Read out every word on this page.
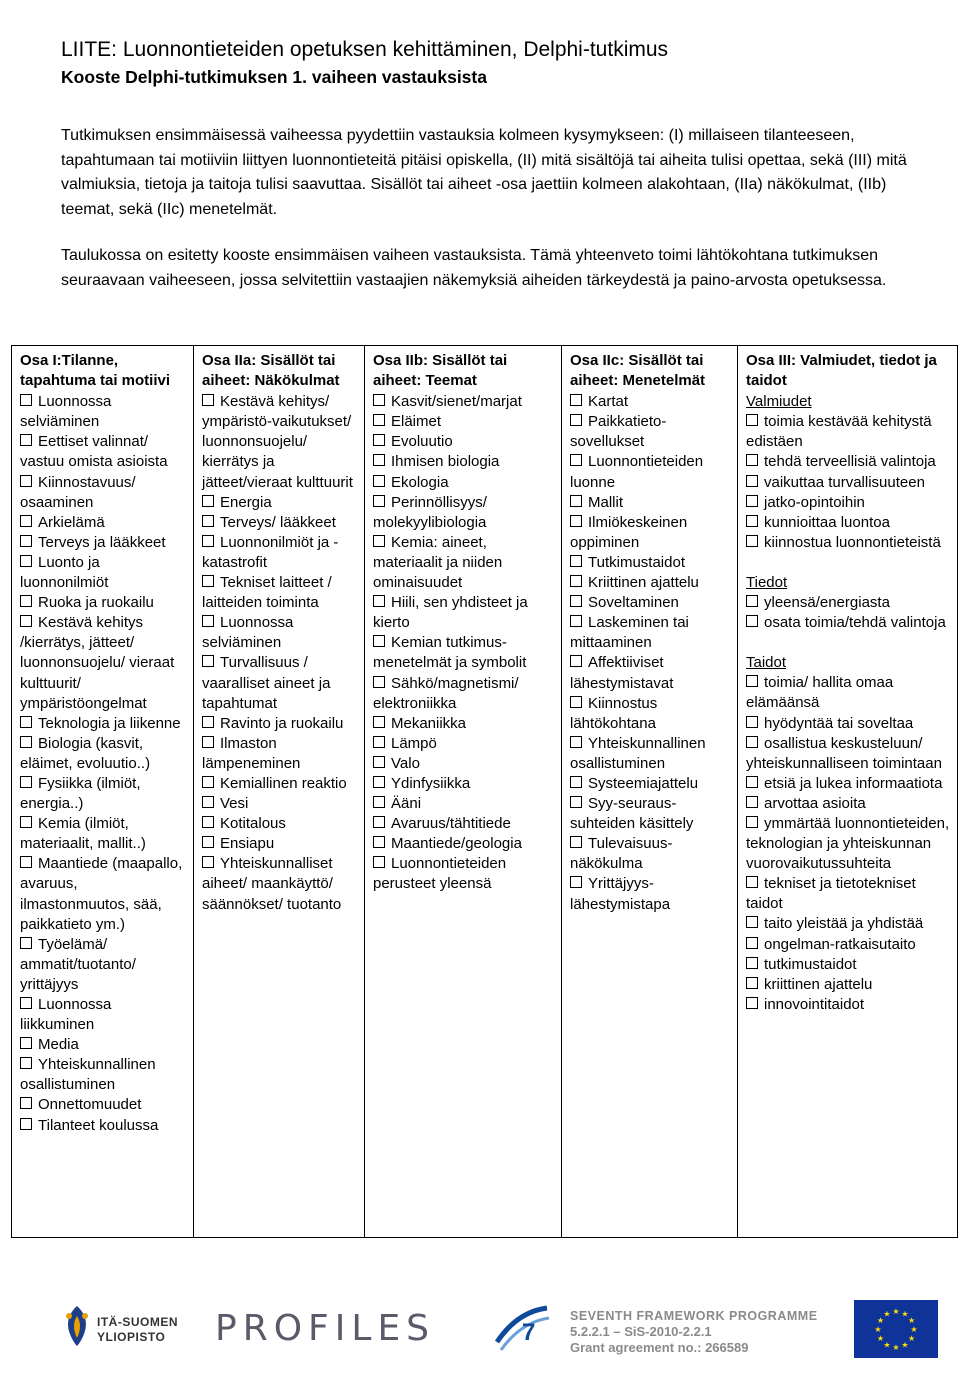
LIITE: Luonnontieteiden opetuksen kehittäminen, Delphi-tutkimus
Kooste Delphi-tutkimuksen 1. vaiheen vastauksista

Tutkimuksen ensimmäisessä vaiheessa pyydettiin vastauksia kolmeen kysymykseen: (I) millaiseen tilanteeseen, tapahtumaan tai motiiviin liittyen luonnontieteitä pitäisi opiskella, (II) mitä sisältöjä tai aiheita tulisi opettaa, sekä (III) mitä valmiuksia, tietoja ja taitoja tulisi saavuttaa. Sisällöt tai aiheet -osa jaettiin kolmeen alakohtaan, (IIa) näkökulmat, (IIb) teemat, sekä (IIc) menetelmät.

Taulukossa on esitetty kooste ensimmäisen vaiheen vastauksista. Tämä yhteenveto toimi lähtökohtana tutkimuksen seuraavaan vaiheeseen, jossa selvitettiin vastaajien näkemyksiä aiheiden tärkeydestä ja paino-arvosta opetuksessa.

Osa I:Tilanne, tapahtuma tai motiivi
Luonnossa selviäminen
Eettiset valinnat/ vastuu omista asioista
Kiinnostavuus/ osaaminen
Arkielämä
Terveys ja lääkkeet
Luonto ja luonnonilmiöt
Ruoka ja ruokailu
Kestävä kehitys /kierrätys, jätteet/ luonnonsuojelu/ vieraat kulttuurit/ ympäristöongelmat
Teknologia ja liikenne
Biologia (kasvit, eläimet, evoluutio..)
Fysiikka (ilmiöt, energia..)
Kemia (ilmiöt, materiaalit, mallit..)
Maantiede (maapallo, avaruus, ilmastonmuutos, sää, paikkatieto ym.)
Työelämä/ ammatit/tuotanto/ yrittäjyys
Luonnossa liikkuminen
Media
Yhteiskunnallinen osallistuminen
Onnettomuudet
Tilanteet koulussa

Osa IIa: Sisällöt tai aiheet: Näkökulmat
Kestävä kehitys/ ympäristö-vaikutukset/ luonnonsuojelu/ kierrätys ja jätteet/vieraat kulttuurit
Energia
Terveys/ lääkkeet
Luonnonilmiöt ja -katastrofit
Tekniset laitteet / laitteiden toiminta
Luonnossa selviäminen
Turvallisuus / vaaralliset aineet ja tapahtumat
Ravinto ja ruokailu
Ilmaston lämpeneminen
Kemiallinen reaktio
Vesi
Kotitalous
Ensiapu
Yhteiskunnalliset aiheet/ maankäyttö/ säännökset/ tuotanto

Osa IIb: Sisällöt tai aiheet: Teemat
Kasvit/sienet/marjat
Eläimet
Evoluutio
Ihmisen biologia
Ekologia
Perinnöllisyys/ molekyylibiologia
Kemia: aineet, materiaalit ja niiden ominaisuudet
Hiili, sen yhdisteet ja kierto
Kemian tutkimus-menetelmät ja symbolit
Sähkö/magnetismi/ elektroniikka
Mekaniikka
Lämpö
Valo
Ydinfysiikka
Ääni
Avaruus/tähtitiede
Maantiede/geologia
Luonnontieteiden perusteet yleensä

Osa IIc: Sisällöt tai aiheet: Menetelmät
Kartat
Paikkatieto-sovellukset
Luonnontieteiden luonne
Mallit
Ilmiökeskeinen oppiminen
Tutkimustaidot
Kriittinen ajattelu
Soveltaminen
Laskeminen tai mittaaminen
Affektiiviset lähestymistavat
Kiinnostus lähtökohtana
Yhteiskunnallinen osallistuminen
Systeemiajattelu
Syy-seuraus-suhteiden käsittely
Tulevaisuus-näkökulma
Yrittäjyys-lähestymistapa

Osa III: Valmiudet, tiedot ja taidot
Valmiudet
toimia kestävää kehitystä edistäen
tehdä terveellisiä valintoja
vaikuttaa turvallisuuteen
jatko-opintoihin
kunnioittaa luontoa
kiinnostua luonnontieteistä
Tiedot
yleensä/energiasta
osata toimia/tehdä valintoja
Taidot
toimia/ hallita omaa elämäänsä
hyödyntää tai soveltaa
osallistua keskusteluun/ yhteiskunnalliseen toimintaan
etsiä ja lukea informaatiota
arvottaa asioita
ymmärtää luonnontieteiden, teknologian ja yhteiskunnan vuorovaikutussuhteita
tekniset ja tietotekniset taidot
taito yleistää ja yhdistää
ongelman-ratkaisutaito
tutkimustaidot
kriittinen ajattelu
innovointitaidot
ITÄ-SUOMEN
YLIOPISTO	PROFILES	7
SEVENTH FRAMEWORK PROGRAMME
5.2.2.1 – SiS-2010-2.2.1
Grant agreement no.: 266589
★ ★
★
★
★
★
★
★
★
★
★
★
